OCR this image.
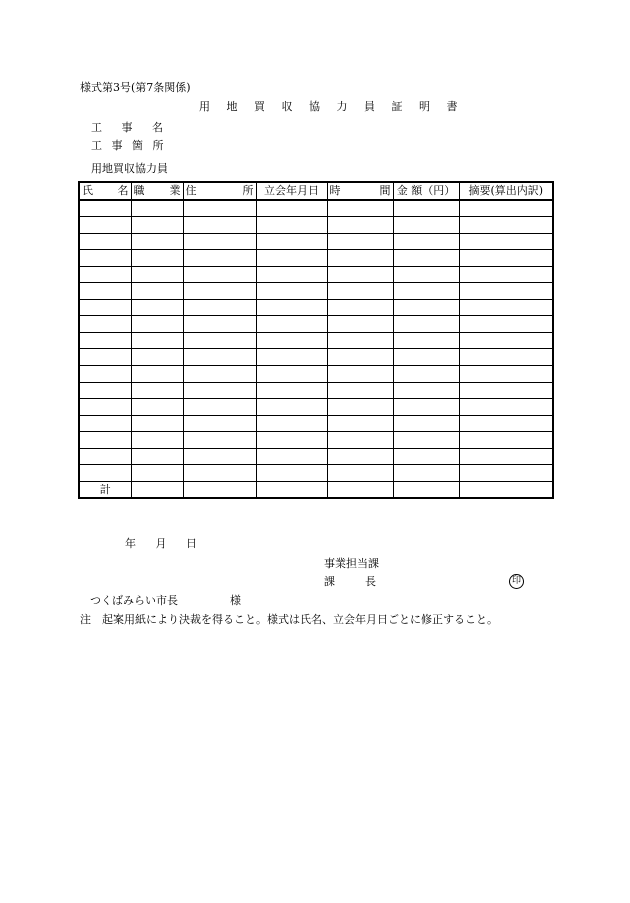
様式第3号(第7条関係)
用 地 買 収 協 力 員 証 明 書
工 事 名
工 事 箇 所
用地買収協力員
氏　名	職　業	住　　所	立会年月日	時　　間	金 額（円）	摘要(算出内訳)

計						
年 月 日
事業担当課
課長	印
つくばみらい市長	様
注　起案用紙により決裁を得ること。様式は氏名、立会年月日ごとに修正すること。
